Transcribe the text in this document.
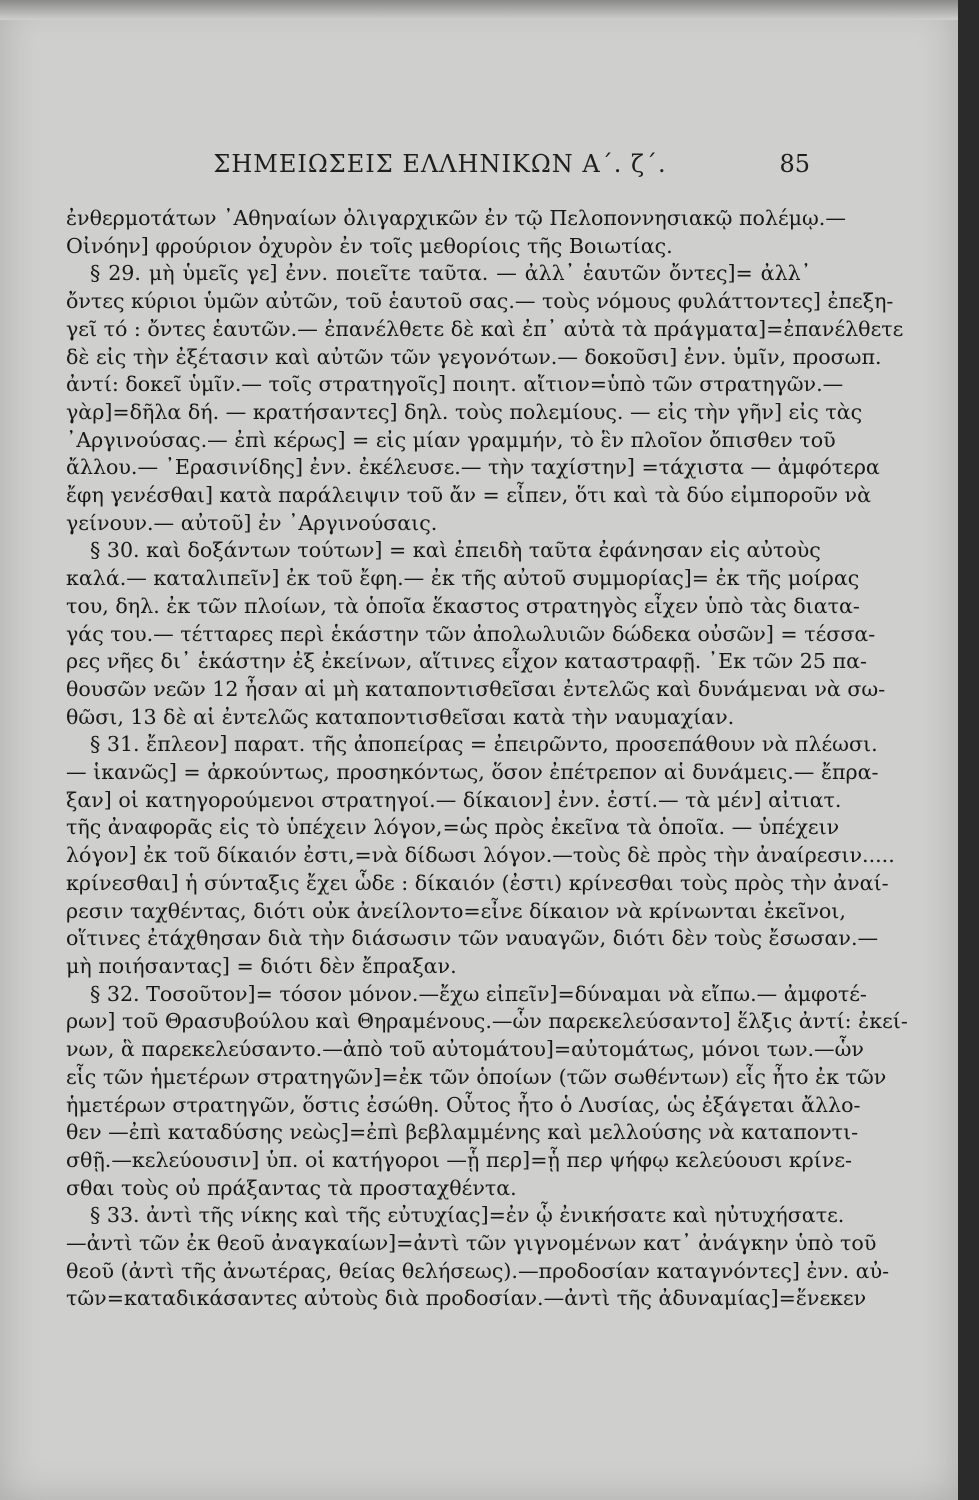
ΣΗΜΕΙΩΣΕΙΣ ΕΛΛΗΝΙΚΩΝ Α΄. ζ΄.	85
ἐνθερμοτάτων ᾿Αθηναίων ὀλιγαρχικῶν ἐν τῷ Πελοποννησιακῷ πολέμῳ.—
Οἰνόην] φρούριον ὀχυρὸν ἐν τοῖς μεθορίοις τῆς Βοιωτίας.
§ 29. μὴ ὑμεῖς γε] ἐνν. ποιεῖτε ταῦτα. — ἀλλ᾿ ἑαυτῶν ὄντες]= ἀλλ᾿
ὄντες κύριοι ὑμῶν αὐτῶν, τοῦ ἑαυτοῦ σας.— τοὺς νόμους φυλάττοντες] ἐπεξη-
γεῖ τό : ὄντες ἑαυτῶν.— ἐπανέλθετε δὲ καὶ ἐπ᾿ αὐτὰ τὰ πράγματα]=ἐπανέλθετε
δὲ εἰς τὴν ἐξέτασιν καὶ αὐτῶν τῶν γεγονότων.— δοκοῦσι] ἐνν. ὑμῖν, προσωπ.
ἀντί: δοκεῖ ὑμῖν.— τοῖς στρατηγοῖς] ποιητ. αἴτιον=ὑπὸ τῶν στρατηγῶν.—
γὰρ]=δῆλα δή. — κρατήσαντες] δηλ. τοὺς πολεμίους. — εἰς τὴν γῆν] εἰς τὰς
᾿Αργινούσας.— ἐπὶ κέρως] = εἰς μίαν γραμμήν, τὸ ἓν πλοῖον ὄπισθεν τοῦ
ἄλλου.— ᾿Ερασινίδης] ἐνν. ἐκέλευσε.— τὴν ταχίστην] =τάχιστα — ἀμφότερα
ἔφη γενέσθαι] κατὰ παράλειψιν τοῦ ἄν = εἶπεν, ὅτι καὶ τὰ δύο εἰμποροῦν νὰ
γείνουν.— αὐτοῦ] ἐν ᾿Αργινούσαις.
§ 30. καὶ δοξάντων τούτων] = καὶ ἐπειδὴ ταῦτα ἐφάνησαν εἰς αὐτοὺς
καλά.— καταλιπεῖν] ἐκ τοῦ ἔφη.— ἐκ τῆς αὐτοῦ συμμορίας]= ἐκ τῆς μοίρας
του, δηλ. ἐκ τῶν πλοίων, τὰ ὁποῖα ἕκαστος στρατηγὸς εἶχεν ὑπὸ τὰς διατα-
γάς του.— τέτταρες περὶ ἑκάστην τῶν ἀπολωλυιῶν δώδεκα οὐσῶν] = τέσσα-
ρες νῆες δι᾿ ἑκάστην ἐξ ἐκείνων, αἵτινες εἶχον καταστραφῇ. ᾿Εκ τῶν 25 πα-
θουσῶν νεῶν 12 ἦσαν αἱ μὴ καταποντισθεῖσαι ἐντελῶς καὶ δυνάμεναι νὰ σω-
θῶσι, 13 δὲ αἱ ἐντελῶς καταποντισθεῖσαι κατὰ τὴν ναυμαχίαν.
§ 31. ἔπλεον] παρατ. τῆς ἀποπείρας = ἐπειρῶντο, προσεπάθουν νὰ πλέωσι.
— ἱκανῶς] = ἀρκούντως, προσηκόντως, ὅσον ἐπέτρεπον αἱ δυνάμεις.— ἔπρα-
ξαν] οἱ κατηγορούμενοι στρατηγοί.— δίκαιον] ἐνν. ἐστί.— τὰ μέν] αἰτιατ.
τῆς ἀναφορᾶς εἰς τὸ ὑπέχειν λόγον,=ὡς πρὸς ἐκεῖνα τὰ ὁποῖα. — ὑπέχειν
λόγον] ἐκ τοῦ δίκαιόν ἐστι,=νὰ δίδωσι λόγον.—τοὺς δὲ πρὸς τὴν ἀναίρεσιν.....
κρίνεσθαι] ἡ σύνταξις ἔχει ὧδε : δίκαιόν (ἐστι) κρίνεσθαι τοὺς πρὸς τὴν ἀναί-
ρεσιν ταχθέντας, διότι οὐκ ἀνείλοντο=εἶνε δίκαιον νὰ κρίνωνται ἐκεῖνοι,
οἵτινες ἐτάχθησαν διὰ τὴν διάσωσιν τῶν ναυαγῶν, διότι δὲν τοὺς ἔσωσαν.—
μὴ ποιήσαντας] = διότι δὲν ἔπραξαν.
§ 32. Τοσοῦτον]= τόσον μόνον.—ἔχω εἰπεῖν]=δύναμαι νὰ εἴπω.— ἀμφοτέ-
ρων] τοῦ Θρασυβούλου καὶ Θηραμένους.—ὧν παρεκελεύσαντο] ἕλξις ἀντί: ἐκεί-
νων, ἃ παρεκελεύσαντο.—ἀπὸ τοῦ αὐτομάτου]=αὐτομάτως, μόνοι των.—ὧν
εἷς τῶν ἡμετέρων στρατηγῶν]=ἐκ τῶν ὁποίων (τῶν σωθέντων) εἷς ἦτο ἐκ τῶν
ἡμετέρων στρατηγῶν, ὅστις ἐσώθη. Οὗτος ἦτο ὁ Λυσίας, ὡς ἐξάγεται ἄλλο-
θεν —ἐπὶ καταδύσης νεὼς]=ἐπὶ βεβλαμμένης καὶ μελλούσης νὰ καταποντι-
σθῇ.—κελεύουσιν] ὑπ. οἱ κατήγοροι —ᾗ περ]=ᾗ περ ψήφῳ κελεύουσι κρίνε-
σθαι τοὺς οὐ πράξαντας τὰ προσταχθέντα.
§ 33. ἀντὶ τῆς νίκης καὶ τῆς εὐτυχίας]=ἐν ᾧ ἐνικήσατε καὶ ηὐτυχήσατε.
—ἀντὶ τῶν ἐκ θεοῦ ἀναγκαίων]=ἀντὶ τῶν γιγνομένων κατ᾿ ἀνάγκην ὑπὸ τοῦ
θεοῦ (ἀντὶ τῆς ἀνωτέρας, θείας θελήσεως).—προδοσίαν καταγνόντες] ἐνν. αὐ-
τῶν=καταδικάσαντες αὐτοὺς διὰ προδοσίαν.—ἀντὶ τῆς ἀδυναμίας]=ἕνεκεν
